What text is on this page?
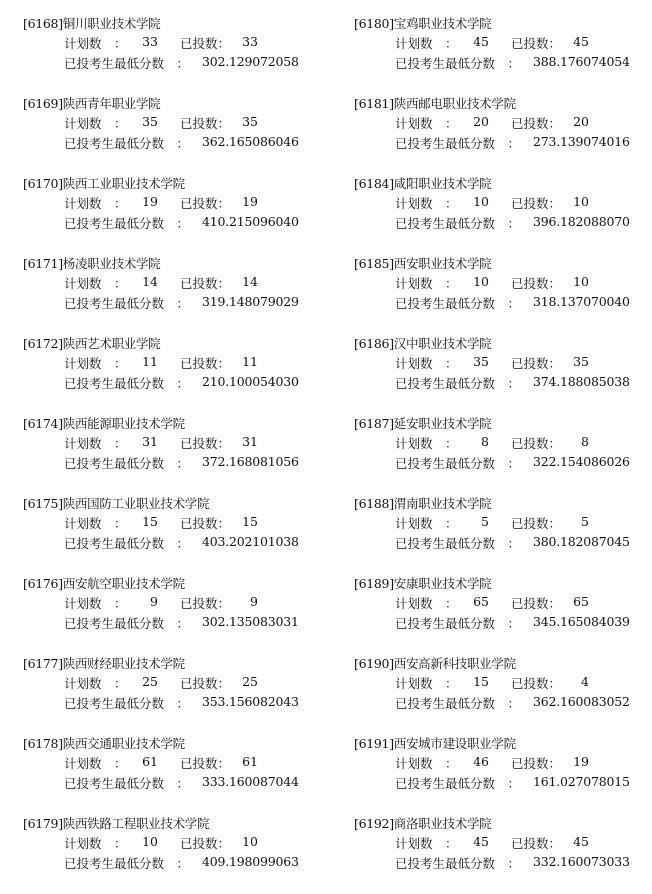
[6168]铜川职业技术学院
计划数　：	33 已投数： 33
已投考生最低分数　： 302.129072058
[6169]陕西青年职业学院
计划数　：	35 已投数： 35
已投考生最低分数　： 362.165086046
[6170]陕西工业职业技术学院
计划数　：	19 已投数： 19
已投考生最低分数　： 410.215096040
[6171]杨凌职业技术学院
计划数　：	14 已投数： 14
已投考生最低分数　： 319.148079029
[6172]陕西艺术职业学院
计划数　：	11 已投数： 11
已投考生最低分数　： 210.100054030
[6174]陕西能源职业技术学院
计划数　：	31 已投数： 31
已投考生最低分数　： 372.168081056
[6175]陕西国防工业职业技术学院
计划数　：	15 已投数： 15
已投考生最低分数　： 403.202101038
[6176]西安航空职业技术学院
计划数　：	9 已投数：	9
已投考生最低分数　： 302.135083031
[6177]陕西财经职业技术学院
计划数　：	25 已投数： 25
已投考生最低分数　： 353.156082043
[6178]陕西交通职业技术学院
计划数　：	61 已投数： 61
已投考生最低分数　： 333.160087044
[6179]陕西铁路工程职业技术学院
计划数　：	10 已投数： 10
已投考生最低分数　： 409.198099063
[6180]宝鸡职业技术学院
计划数　：	45 已投数： 45
已投考生最低分数　： 388.176074054
[6181]陕西邮电职业技术学院
计划数　：	20 已投数： 20
已投考生最低分数　： 273.139074016
[6184]咸阳职业技术学院
计划数　：	10 已投数： 10
已投考生最低分数　： 396.182088070
[6185]西安职业技术学院
计划数　：	10 已投数： 10
已投考生最低分数　： 318.137070040
[6186]汉中职业技术学院
计划数　：	35 已投数： 35
已投考生最低分数　： 374.188085038
[6187]延安职业技术学院
计划数　：	8 已投数：	8
已投考生最低分数　： 322.154086026
[6188]渭南职业技术学院
计划数　：	5 已投数：	5
已投考生最低分数　： 380.182087045
[6189]安康职业技术学院
计划数　：	65 已投数： 65
已投考生最低分数　： 345.165084039
[6190]西安高新科技职业学院
计划数　：	15 已投数：	4
已投考生最低分数　： 362.160083052
[6191]西安城市建设职业学院
计划数　：	46 已投数： 19
已投考生最低分数　： 161.027078015
[6192]商洛职业技术学院
计划数　：	45 已投数： 45
已投考生最低分数　： 332.160073033
